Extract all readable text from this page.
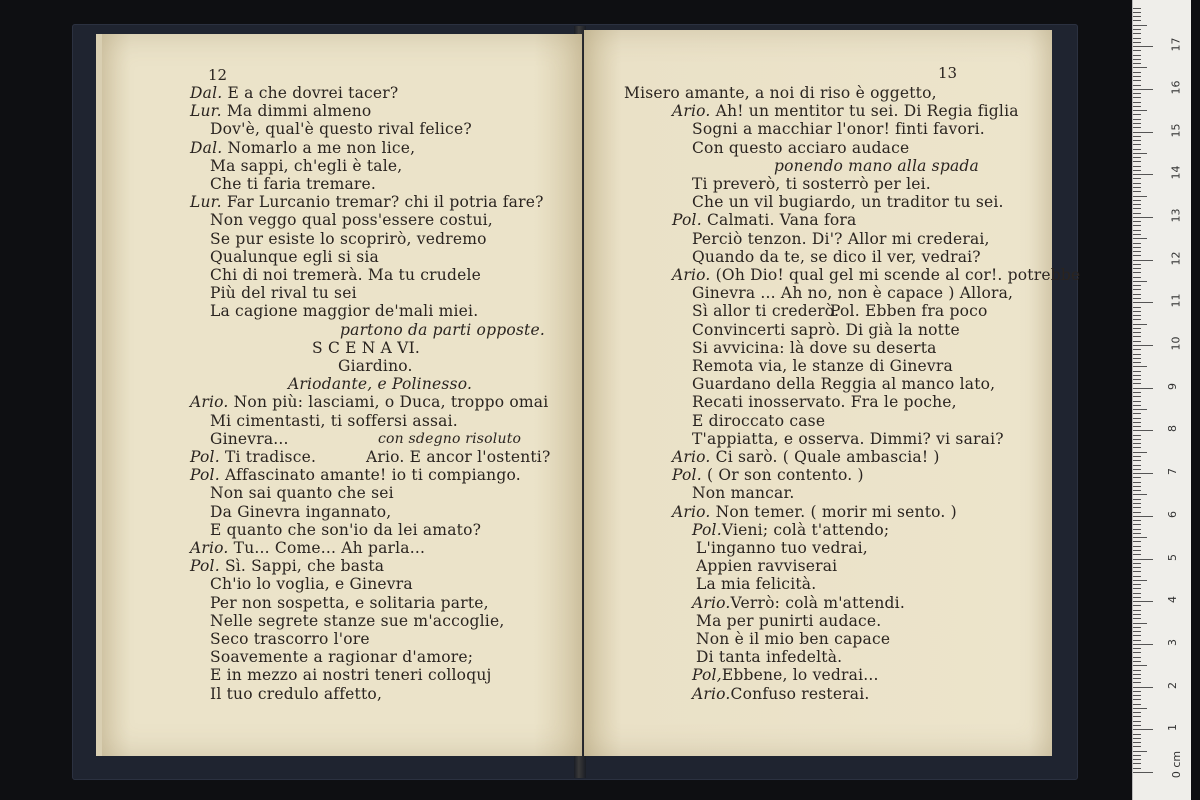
12
Dal. E a che dovrei tacer?
Lur. Ma dimmi almeno
Dov'è, qual'è questo rival felice?
Dal. Nomarlo a me non lice,
Ma sappi, ch'egli è tale,
Che ti faria tremare.
Lur. Far Lurcanio tremar? chi il potria fare?
Non veggo qual poss'essere costui,
Se pur esiste lo scoprirò, vedremo
Qualunque egli si sia
Chi di noi tremerà. Ma tu crudele
Più del rival tu sei
La cagione maggior de'mali miei.
partono da parti opposte.
S C E N A VI.
Giardino.
Ariodante, e Polinesso.
Ario. Non più: lasciami, o Duca, troppo omai
Mi cimentasti, ti soffersi assai.
Ginevra...
Pol. Ti tradisce.
Pol. Affascinato amante! io ti compiango.
Non sai quanto che sei
Da Ginevra ingannato,
E quanto che son'io da lei amato?
Ario. Tu... Come... Ah parla...
Pol. Sì. Sappi, che basta
Ch'io lo voglia, e Ginevra
Per non sospetta, e solitaria parte,
Nelle segrete stanze sue m'accoglie,
Seco trascorro l'ore
Soavemente a ragionar d'amore;
E in mezzo ai nostri teneri colloquj
Il tuo credulo affetto,
con sdegno risoluto
Ario. E ancor l'ostenti?
13
Misero amante, a noi di riso è oggetto,
Ario. Ah! un mentitor tu sei. Di Regia figlia
Sogni a macchiar l'onor! finti favori.
Con questo acciaro audace
ponendo mano alla spada
Ti preverò, ti sosterrò per lei.
Che un vil bugiardo, un traditor tu sei.
Pol. Calmati. Vana fora
Perciò tenzon. Di'? Allor mi crederai,
Quando da te, se dico il ver, vedrai?
Ario. (Oh Dio! qual gel mi scende al cor!. potrebbe
Ginevra ... Ah no, non è capace ) Allora,
Sì allor ti crederò.
Convincerti saprò. Di già la notte
Si avvicina: là dove su deserta
Remota via, le stanze di Ginevra
Guardano della Reggia al manco lato,
Recati inosservato. Fra le poche,
E diroccato case
T'appiatta, e osserva. Dimmi? vi sarai?
Ario. Ci sarò. ( Quale ambascia! )
Pol. ( Or son contento. )
Non mancar.
Ario. Non temer. ( morir mi sento. )
Pol.Vieni; colà t'attendo;
L'inganno tuo vedrai,
Appien ravviserai
La mia felicità.
Ario.Verrò: colà m'attendi.
Ma per punirti audace.
Non è il mio ben capace
Di tanta infedeltà.
Pol,Ebbene, lo vedrai...
Ario.Confuso resterai.
Pol. Ebben fra poco
0 cm
1
2
3
4
5
6
7
8
9
10
11
12
13
14
15
16
17
